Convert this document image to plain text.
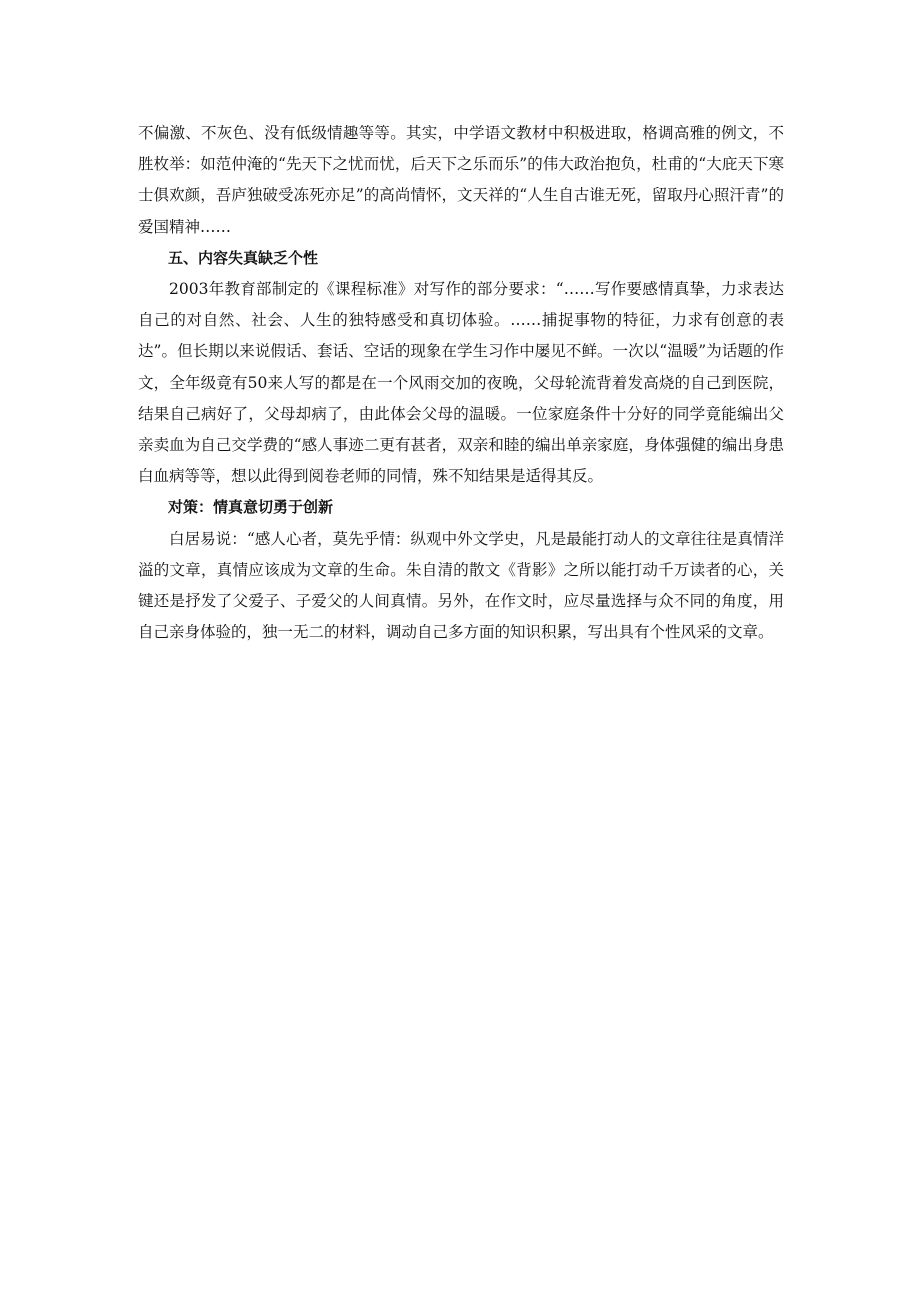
不偏激、不灰色、没有低级情趣等等。其实，中学语文教材中积极进取，格调高雅的例文，不胜枚举：如范仲淹的“先天下之忧而忧，后天下之乐而乐”的伟大政治抱负，杜甫的“大庇天下寒士俱欢颜，吾庐独破受冻死亦足”的高尚情怀，文天祥的“人生自古谁无死，留取丹心照汗青”的爱国精神……

五、内容失真缺乏个性

2003年教育部制定的《课程标准》对写作的部分要求：“……写作要感情真挚，力求表达自己的对自然、社会、人生的独特感受和真切体验。……捕捉事物的特征，力求有创意的表达”。但长期以来说假话、套话、空话的现象在学生习作中屡见不鲜。一次以“温暖”为话题的作文，全年级竟有50来人写的都是在一个风雨交加的夜晚，父母轮流背着发高烧的自己到医院，结果自己病好了，父母却病了，由此体会父母的温暖。一位家庭条件十分好的同学竟能编出父亲卖血为自己交学费的“感人事迹二更有甚者，双亲和睦的编出单亲家庭，身体强健的编出身患白血病等等，想以此得到阅卷老师的同情，殊不知结果是适得其反。

对策：情真意切勇于创新

白居易说：“感人心者，莫先乎情：纵观中外文学史，凡是最能打动人的文章往往是真情洋溢的文章，真情应该成为文章的生命。朱自清的散文《背影》之所以能打动千万读者的心，关键还是抒发了父爱子、子爱父的人间真情。另外，在作文时，应尽量选择与众不同的角度，用自己亲身体验的，独一无二的材料，调动自己多方面的知识积累，写出具有个性风采的文章。
